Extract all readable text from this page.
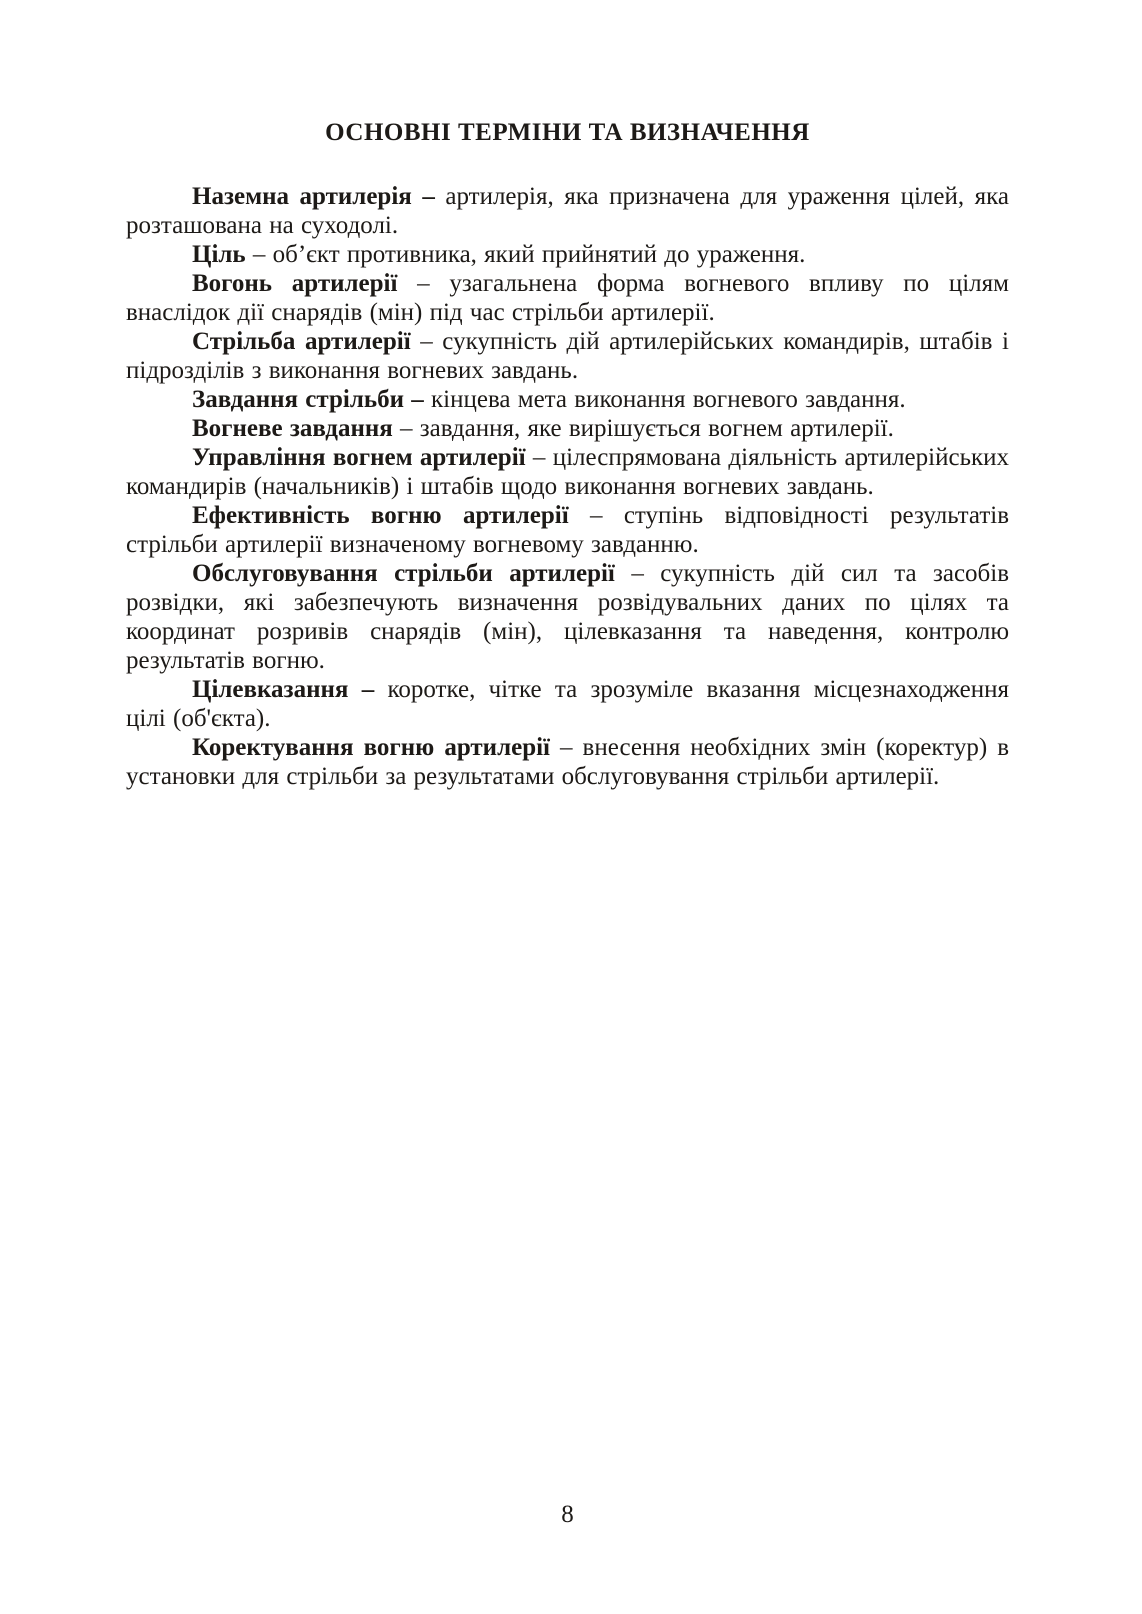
ОСНОВНІ ТЕРМІНИ ТА ВИЗНАЧЕННЯ

Наземна артилерія – артилерія, яка призначена для ураження цілей, яка розташована на суходолі.

Ціль – об’єкт противника, який прийнятий до ураження.

Вогонь артилерії – узагальнена форма вогневого впливу по цілям внаслідок дії снарядів (мін) під час стрільби артилерії.

Стрільба артилерії – сукупність дій артилерійських командирів, штабів і підрозділів з виконання вогневих завдань.

Завдання стрільби – кінцева мета виконання вогневого завдання.

Вогневе завдання – завдання, яке вирішується вогнем артилерії.

Управління вогнем артилерії – цілеспрямована діяльність артилерійських командирів (начальників) і штабів щодо виконання вогневих завдань.

Ефективність вогню артилерії – ступінь відповідності результатів стрільби артилерії визначеному вогневому завданню.

Обслуговування стрільби артилерії – сукупність дій сил та засобів розвідки, які забезпечують визначення розвідувальних даних по цілях та координат розривів снарядів (мін), цілевказання та наведення, контролю результатів вогню.

Цілевказання – коротке, чітке та зрозуміле вказання місцезнаходження цілі (об'єкта).

Коректування вогню артилерії – внесення необхідних змін (коректур) в установки для стрільби за результатами обслуговування стрільби артилерії.

8
